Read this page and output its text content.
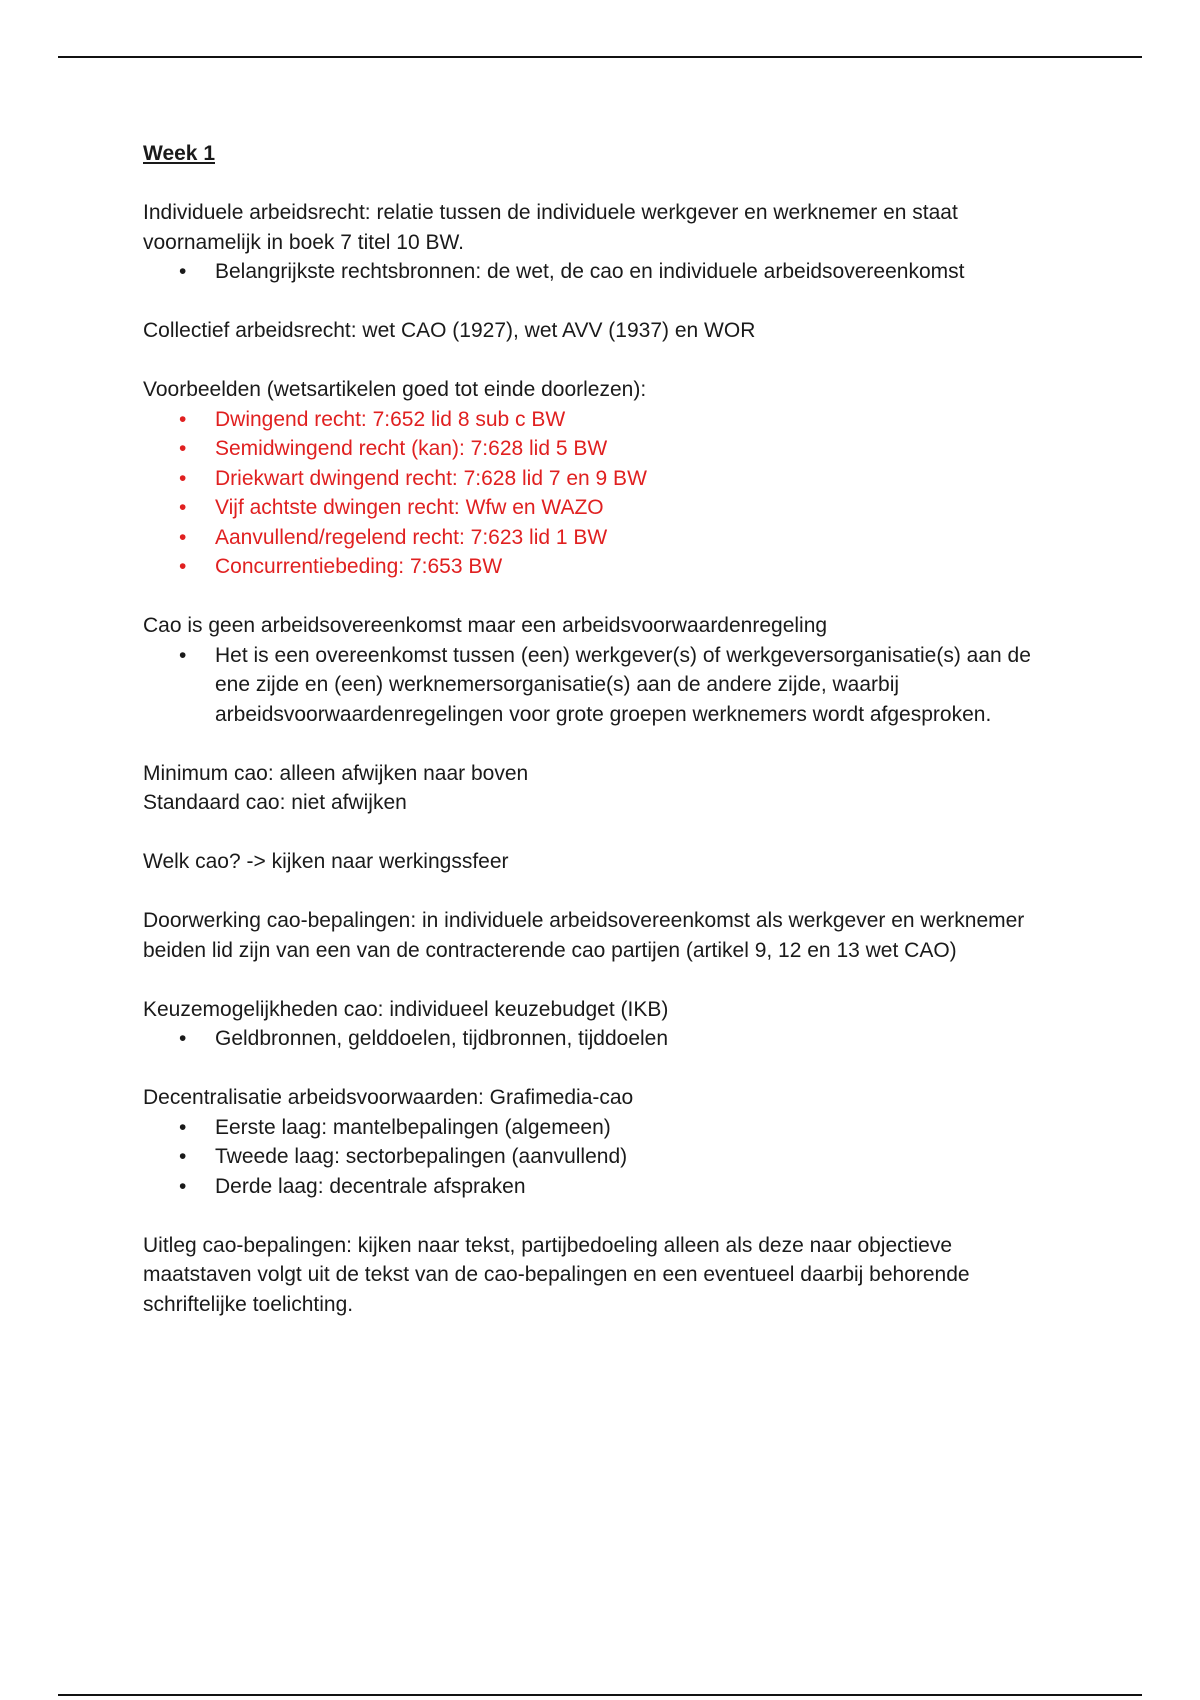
Week 1

Individuele arbeidsrecht: relatie tussen de individuele werkgever en werknemer en staat voornamelijk in boek 7 titel 10 BW.

• Belangrijkste rechtsbronnen: de wet, de cao en individuele arbeidsovereenkomst

Collectief arbeidsrecht: wet CAO (1927), wet AVV (1937) en WOR

Voorbeelden (wetsartikelen goed tot einde doorlezen):

• Dwingend recht: 7:652 lid 8 sub c BW
• Semidwingend recht (kan): 7:628 lid 5 BW
• Driekwart dwingend recht: 7:628 lid 7 en 9 BW
• Vijf achtste dwingen recht: Wfw en WAZO
• Aanvullend/regelend recht: 7:623 lid 1 BW
• Concurrentiebeding: 7:653 BW

Cao is geen arbeidsovereenkomst maar een arbeidsvoorwaardenregeling

• Het is een overeenkomst tussen (een) werkgever(s) of werkgeversorganisatie(s) aan de ene zijde en (een) werknemersorganisatie(s) aan de andere zijde, waarbij arbeidsvoorwaardenregelingen voor grote groepen werknemers wordt afgesproken.

Minimum cao: alleen afwijken naar boven

Standaard cao: niet afwijken

Welk cao? -> kijken naar werkingssfeer

Doorwerking cao-bepalingen: in individuele arbeidsovereenkomst als werkgever en werknemer beiden lid zijn van een van de contracterende cao partijen (artikel 9, 12 en 13 wet CAO)

Keuzemogelijkheden cao: individueel keuzebudget (IKB)

• Geldbronnen, gelddoelen, tijdbronnen, tijddoelen

Decentralisatie arbeidsvoorwaarden: Grafimedia-cao

• Eerste laag: mantelbepalingen (algemeen)
• Tweede laag: sectorbepalingen (aanvullend)
• Derde laag: decentrale afspraken

Uitleg cao-bepalingen: kijken naar tekst, partijbedoeling alleen als deze naar objectieve maatstaven volgt uit de tekst van de cao-bepalingen en een eventueel daarbij behorende schriftelijke toelichting.
